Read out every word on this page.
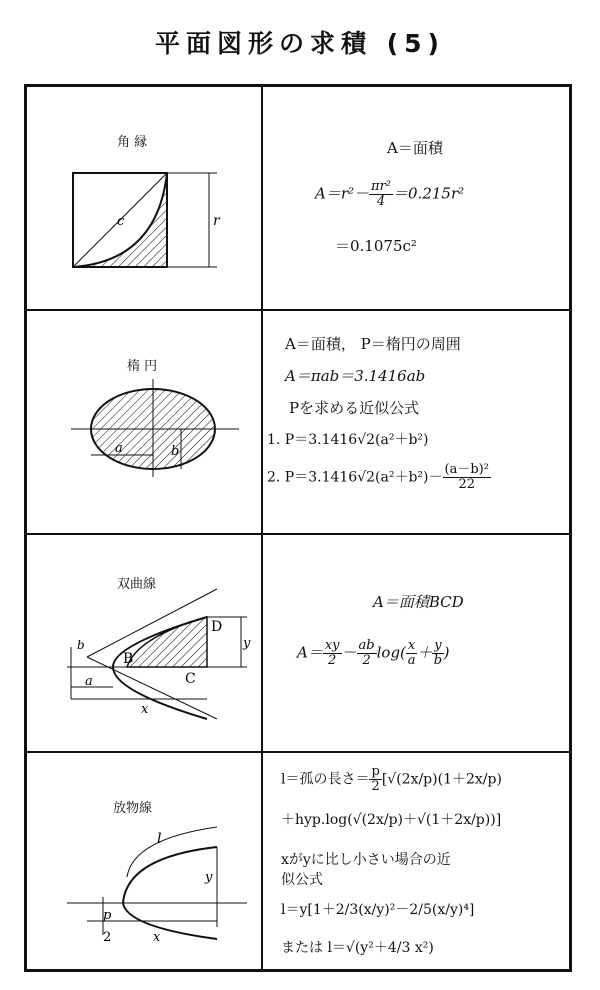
平面図形の求積 (5)
角 縁
c	r
A＝面積
$A=r^2- \frac{\text{πr²}}{4} =0.215r^2$
＝0.1075c²
楕 円
a	b
A＝面積， P＝楕円の周囲
A＝πab＝3.1416ab
Pを求める近似公式
1. P＝3.1416√2(a²＋b²)
2. $P=3.1416√2(a^2+b^2)- \frac{\text{(a－b)²}}{22}$
双曲線
b
a
x
y
B
C
D
A＝面積BCD
$A= \frac{xy}{2} - \frac{ab}{2} \log( \frac{x}{a} + \frac{y}{b}$ )
放物線
l
y
p
2	x
l＝孤の長さ＝ $\frac{p}{2} [√(2x/p)(1+2x/p)$
＋hyp.log(√(2x/p)＋√(1＋2x/p))]
xがyに比し小さい場合の近
似公式
l＝y[1＋2/3(x/y)²－2/5(x/y)⁴]
または l＝√(y²＋4/3 x²)
